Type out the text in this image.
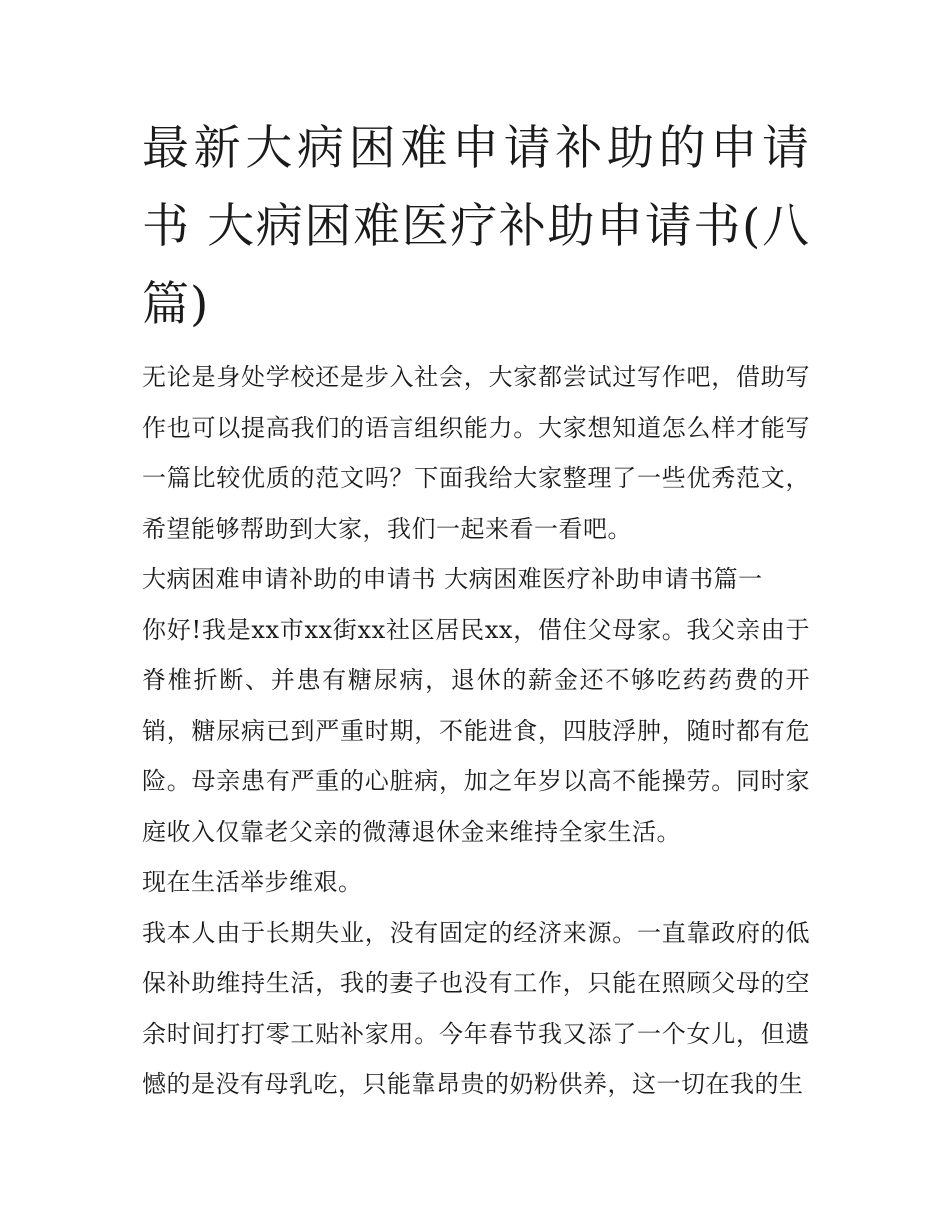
最新大病困难申请补助的申请书 大病困难医疗补助申请书(八篇)

无论是身处学校还是步入社会，大家都尝试过写作吧，借助写作也可以提高我们的语言组织能力。大家想知道怎么样才能写一篇比较优质的范文吗？下面我给大家整理了一些优秀范文，希望能够帮助到大家，我们一起来看一看吧。

大病困难申请补助的申请书 大病困难医疗补助申请书篇一

你好!我是xx市xx街xx社区居民xx，借住父母家。我父亲由于脊椎折断、并患有糖尿病，退休的薪金还不够吃药药费的开销，糖尿病已到严重时期，不能进食，四肢浮肿，随时都有危险。母亲患有严重的心脏病，加之年岁以高不能操劳。同时家庭收入仅靠老父亲的微薄退休金来维持全家生活。

现在生活举步维艰。

我本人由于长期失业，没有固定的经济来源。一直靠政府的低保补助维持生活，我的妻子也没有工作，只能在照顾父母的空余时间打打零工贴补家用。今年春节我又添了一个女儿，但遗憾的是没有母乳吃，只能靠昂贵的奶粉供养，这一切在我的生
